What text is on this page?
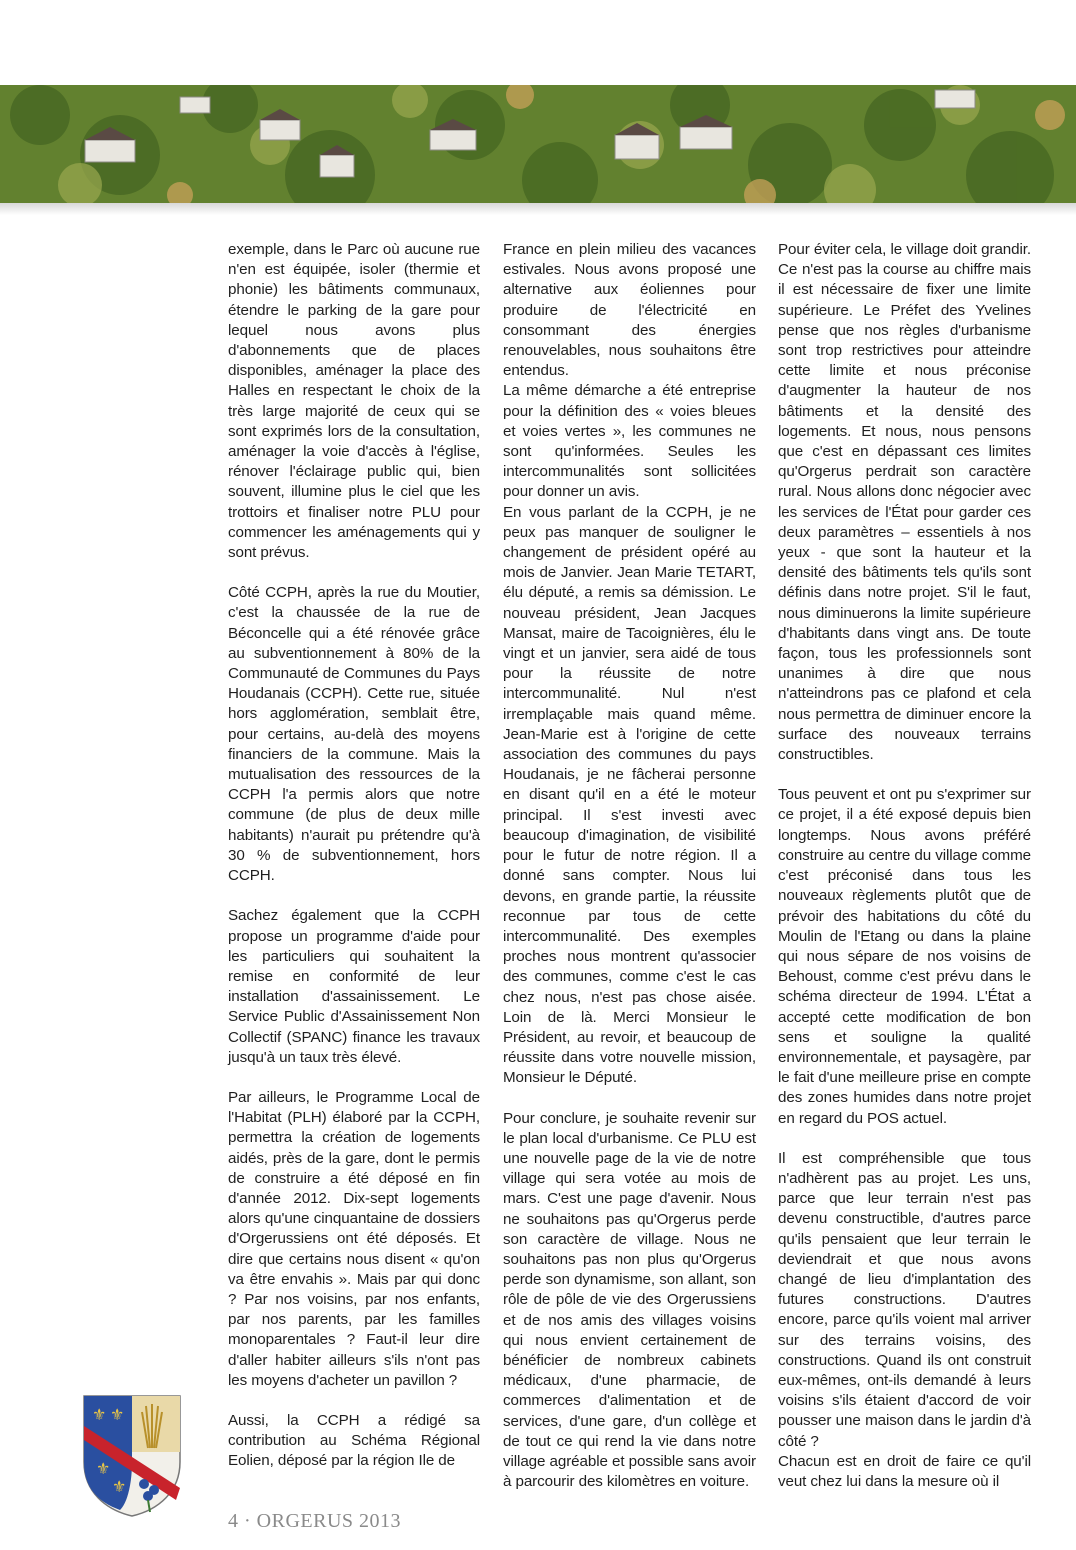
exemple, dans le Parc où aucune rue n'en est équipée, isoler (thermie et phonie) les bâtiments communaux, étendre le parking de la gare pour lequel nous avons plus d'abonnements que de places disponibles, aménager la place des Halles en respectant le choix de la très large majorité de ceux qui se sont exprimés lors de la consultation, aménager la voie d'accès à l'église, rénover l'éclairage public qui, bien souvent, illumine plus le ciel que les trottoirs et finaliser notre PLU pour commencer les aménagements qui y sont prévus.

Côté CCPH, après la rue du Moutier, c'est la chaussée de la rue de Béconcelle qui a été rénovée grâce au subventionnement à 80% de la Communauté de Communes du Pays Houdanais (CCPH). Cette rue, située hors agglomération, semblait être, pour certains, au-delà des moyens financiers de la commune. Mais la mutualisation des ressources de la CCPH l'a permis alors que notre commune (de plus de deux mille habitants) n'aurait pu prétendre qu'à 30 % de subventionnement, hors CCPH.

Sachez également que la CCPH propose un programme d'aide pour les particuliers qui souhaitent la remise en conformité de leur installation d'assainissement. Le Service Public d'Assainissement Non Collectif (SPANC) finance les travaux jusqu'à un taux très élevé.

Par ailleurs, le Programme Local de l'Habitat (PLH) élaboré par la CCPH, permettra la création de logements aidés, près de la gare, dont le permis de construire a été déposé en fin d'année 2012. Dix-sept logements alors qu'une cinquantaine de dossiers d'Orgerussiens ont été déposés. Et dire que certains nous disent « qu'on va être envahis ». Mais par qui donc ? Par nos voisins, par nos enfants, par nos parents, par les familles monoparentales ? Faut-il leur dire d'aller habiter ailleurs s'ils n'ont pas les moyens d'acheter un pavillon ?

Aussi, la CCPH a rédigé sa contribution au Schéma Régional Eolien, déposé par la région Ile de

France en plein milieu des vacances estivales. Nous avons proposé une alternative aux éoliennes pour produire de l'électricité en consommant des énergies renouvelables, nous souhaitons être entendus.

La même démarche a été entreprise pour la définition des « voies bleues et voies vertes », les communes ne sont qu'informées. Seules les intercommunalités sont sollicitées pour donner un avis.

En vous parlant de la CCPH, je ne peux pas manquer de souligner le changement de président opéré au mois de Janvier. Jean Marie TETART, élu député, a remis sa démission. Le nouveau président, Jean Jacques Mansat, maire de Tacoignières, élu le vingt et un janvier, sera aidé de tous pour la réussite de notre intercommunalité. Nul n'est irremplaçable mais quand même. Jean-Marie est à l'origine de cette association des communes du pays Houdanais, je ne fâcherai personne en disant qu'il en a été le moteur principal. Il s'est investi avec beaucoup d'imagination, de visibilité pour le futur de notre région. Il a donné sans compter. Nous lui devons, en grande partie, la réussite reconnue par tous de cette intercommunalité. Des exemples proches nous montrent qu'associer des communes, comme c'est le cas chez nous, n'est pas chose aisée. Loin de là. Merci Monsieur le Président, au revoir, et beaucoup de réussite dans votre nouvelle mission, Monsieur le Député.

Pour conclure, je souhaite revenir sur le plan local d'urbanisme. Ce PLU est une nouvelle page de la vie de notre village qui sera votée au mois de mars. C'est une page d'avenir. Nous ne souhaitons pas qu'Orgerus perde son caractère de village. Nous ne souhaitons pas non plus qu'Orgerus perde son dynamisme, son allant, son rôle de pôle de vie des Orgerussiens et de nos amis des villages voisins qui nous envient certainement de bénéficier de nombreux cabinets médicaux, d'une pharmacie, de commerces d'alimentation et de services, d'une gare, d'un collège et de tout ce qui rend la vie dans notre village agréable et possible sans avoir à parcourir des kilomètres en voiture.

Pour éviter cela, le village doit grandir. Ce n'est pas la course au chiffre mais il est nécessaire de fixer une limite supérieure. Le Préfet des Yvelines pense que nos règles d'urbanisme sont trop restrictives pour atteindre cette limite et nous préconise d'augmenter la hauteur de nos bâtiments et la densité des logements. Et nous, nous pensons que c'est en dépassant ces limites qu'Orgerus perdrait son caractère rural. Nous allons donc négocier avec les services de l'État pour garder ces deux paramètres – essentiels à nos yeux - que sont la hauteur et la densité des bâtiments tels qu'ils sont définis dans notre projet. S'il le faut, nous diminuerons la limite supérieure d'habitants dans vingt ans. De toute façon, tous les professionnels sont unanimes à dire que nous n'atteindrons pas ce plafond et cela nous permettra de diminuer encore la surface des nouveaux terrains constructibles.

Tous peuvent et ont pu s'exprimer sur ce projet, il a été exposé depuis bien longtemps. Nous avons préféré construire au centre du village comme c'est préconisé dans tous les nouveaux règlements plutôt que de prévoir des habitations du côté du Moulin de l'Etang ou dans la plaine qui nous sépare de nos voisins de Behoust, comme c'est prévu dans le schéma directeur de 1994. L'État a accepté cette modification de bon sens et souligne la qualité environnementale, et paysagère, par le fait d'une meilleure prise en compte des zones humides dans notre projet en regard du POS actuel.

Il est compréhensible que tous n'adhèrent pas au projet. Les uns, parce que leur terrain n'est pas devenu constructible, d'autres parce qu'ils pensaient que leur terrain le deviendrait et que nous avons changé de lieu d'implantation des futures constructions. D'autres encore, parce qu'ils voient mal arriver sur des terrains voisins, des constructions. Quand ils ont construit eux-mêmes, ont-ils demandé à leurs voisins s'ils étaient d'accord de voir pousser une maison dans le jardin d'à côté ?

Chacun est en droit de faire ce qu'il veut chez lui dans la mesure où il

⚜ ⚜
⚜
⚜
4 · ORGERUS 2013
